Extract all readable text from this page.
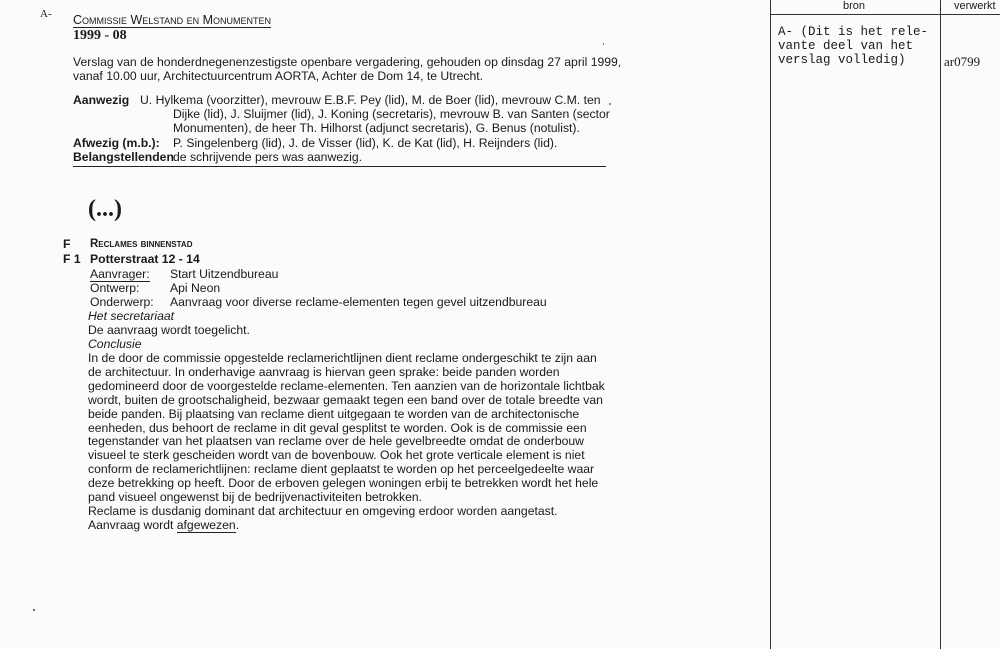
bron	verwerkt
A- (Dit is het rele-
vante deel van het
verslag volledig)	ar0799
A- Commissie Welstand en Monumenten
1999 - 08
Verslag van de honderdnegenenzestigste openbare vergadering, gehouden op dinsdag 27 april 1999,
vanaf 10.00 uur, Architectuurcentrum AORTA, Achter de Dom 14, te Utrecht.
Aanwezig U. Hylkema (voorzitter), mevrouw E.B.F. Pey (lid), M. de Boer (lid), mevrouw C.M. ten
Dijke (lid), J. Sluijmer (lid), J. Koning (secretaris), mevrouw B. van Santen (sector
Monumenten), de heer Th. Hilhorst (adjunct secretaris), G. Benus (notulist).
Afwezig (m.b.): P. Singelenberg (lid), J. de Visser (lid), K. de Kat (lid), H. Reijnders (lid).
Belangstellenden de schrijvende pers was aanwezig.
(...)
F Reclames binnenstad
F 1 Potterstraat 12 - 14
Aanvrager: Start Uitzendbureau
Ontwerp:	Api Neon
Onderwerp: Aanvraag voor diverse reclame-elementen tegen gevel uitzendbureau
Het secretariaat
De aanvraag wordt toegelicht.
Conclusie
In de door de commissie opgestelde reclamerichtlijnen dient reclame ondergeschikt te zijn aan
de architectuur. In onderhavige aanvraag is hiervan geen sprake: beide panden worden
gedomineerd door de voorgestelde reclame-elementen. Ten aanzien van de horizontale lichtbak
wordt, buiten de grootschaligheid, bezwaar gemaakt tegen een band over de totale breedte van
beide panden. Bij plaatsing van reclame dient uitgegaan te worden van de architectonische
eenheden, dus behoort de reclame in dit geval gesplitst te worden. Ook is de commissie een
tegenstander van het plaatsen van reclame over de hele gevelbreedte omdat de onderbouw
visueel te sterk gescheiden wordt van de bovenbouw. Ook het grote verticale element is niet
conform de reclamerichtlijnen: reclame dient geplaatst te worden op het perceelgedeelte waar
deze betrekking op heeft. Door de erboven gelegen woningen erbij te betrekken wordt het hele
pand visueel ongewenst bij de bedrijvenactiviteiten betrokken.
Reclame is dusdanig dominant dat architectuur en omgeving erdoor worden aangetast.
Aanvraag wordt afgewezen.
